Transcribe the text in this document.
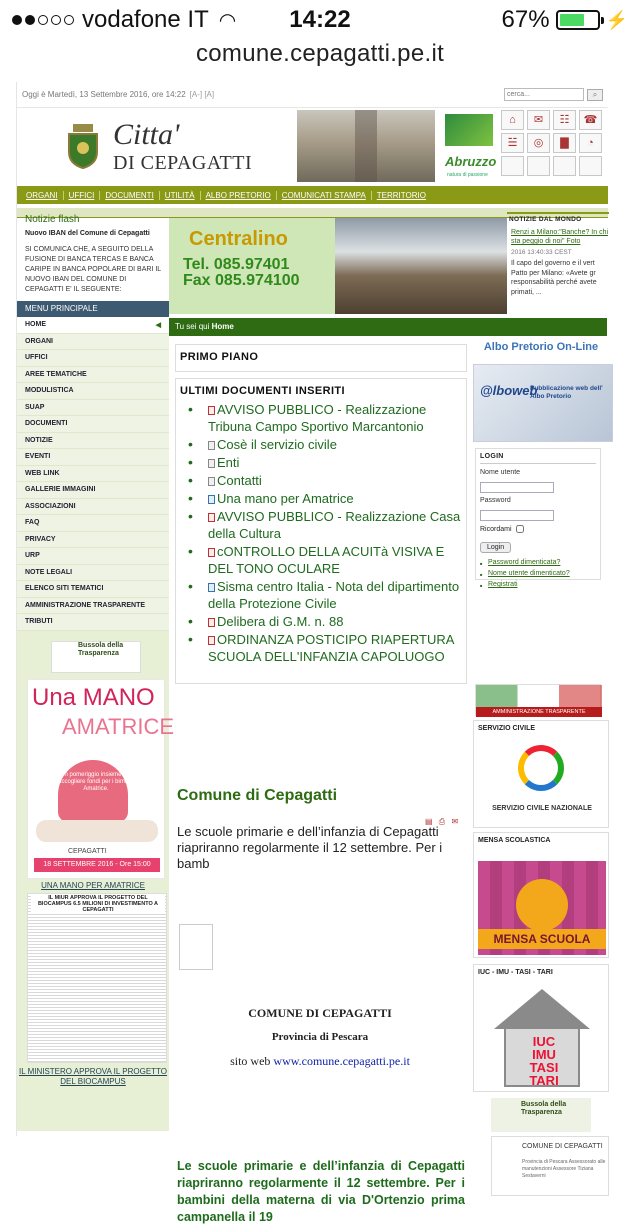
vodafone IT ◠	14:22	67%	⚡
comune.cepagatti.pe.it
Oggi è Martedì, 13 Settembre 2016, ore 14:22 [A-] [A]
cerca...	⌕
Citta'
DI CEPAGATTI	Abruzzo
natura di passione
⌂	✉	☷	☎
☱	◎	▇	◔
ORGANI	UFFICI	DOCUMENTI	UTILITÀ	ALBO PRETORIO	COMUNICATI STAMPA	TERRITORIO
Notizie flash
Nuovo IBAN del Comune di Cepagatti
SI COMUNICA CHE, A SEGUITO DELLA FUSIONE DI BANCA TERCAS E BANCA CARIPE IN BANCA POPOLARE DI BARI IL NUOVO IBAN DEL COMUNE DI CEPAGATTI E' IL SEGUENTE:
MENU PRINCIPALE
HOME	◀
ORGANI
UFFICI
AREE TEMATICHE
MODULISTICA
SUAP
DOCUMENTI
NOTIZIE
EVENTI
WEB LINK
GALLERIE IMMAGINI
ASSOCIAZIONI
FAQ
PRIVACY
URP
NOTE LEGALI
ELENCO SITI TEMATICI
AMMINISTRAZIONE TRASPARENTE
TRIBUTI
Bussola della Trasparenza
Una MANO
AMATRICE
Un pomeriggio insieme per raccogliere fondi per i bimbi di Amatrice.
CEPAGATTI
18 SETTEMBRE 2016 - Ore 15:00
UNA MANO PER AMATRICE
IL MIUR APPROVA IL PROGETTO DEL BIOCAMPUS 6.5 MILIONI DI INVESTIMENTO A CEPAGATTI
IL MINISTERO APPROVA IL PROGETTO DEL BIOCAMPUS
Centralino
Tel. 085.97401
Fax 085.974100
Tu sei qui Home
PRIMO PIANO
ULTIMI DOCUMENTI INSERITI
• AVVISO PUBBLICO - Realizzazione Tribuna Campo Sportivo Marcantonio
• Cosè il servizio civile
• Enti
• Contatti
• Una mano per Amatrice
• AVVISO PUBBLICO - Realizzazione Casa della Cultura
• cONTROLLO DELLA ACUITà VISIVA E DEL TONO OCULARE
• Sisma centro Italia - Nota del dipartimento della Protezione Civile
• Delibera di G.M. n. 88
• ORDINANZA POSTICIPO RIAPERTURA SCUOLA DELL'INFANZIA CAPOLUOGO
Comune di Cepagatti
▤ ⎙ ✉
Le scuole primarie e dell’infanzia di Cepagatti riapriranno regolarmente il 12 settembre. Per i bamb
COMUNE DI CEPAGATTI
Provincia di Pescara
sito web www.comune.cepagatti.pe.it
Le scuole primarie e dell’infanzia di Cepagatti riapriranno regolarmente il 12 settembre. Per i bambini della materna di via D'Ortenzio prima campanella il 19
NOTIZIE DAL MONDO
Renzi a Milano:"Banche? In chi sta peggio di noi" Foto
2016 13:40:33 CEST
Il capo del governo e il vert Patto per Milano: «Avete gr responsabilità perché avete primati, ...
Albo Pretorio On-Line
@lboweb
Pubblicazione web dell' Albo Pretorio
LOGIN
Nome utente
Password
Ricordami
Login
■ Password dimenticata?
■ Nome utente dimenticato?
■ Registrati
AMMINISTRAZIONE TRASPARENTE
SERVIZIO CIVILE
SERVIZIO CIVILE NAZIONALE
MENSA SCOLASTICA
MENSA SCUOLA
IUC - IMU - TASI - TARI
IUC IMU TASI TARI
Bussola della Trasparenza
COMUNE DI CEPAGATTI
Provincia di Pescara Assessorato alle manutenzioni Assessore Tiziana Sestaverni
